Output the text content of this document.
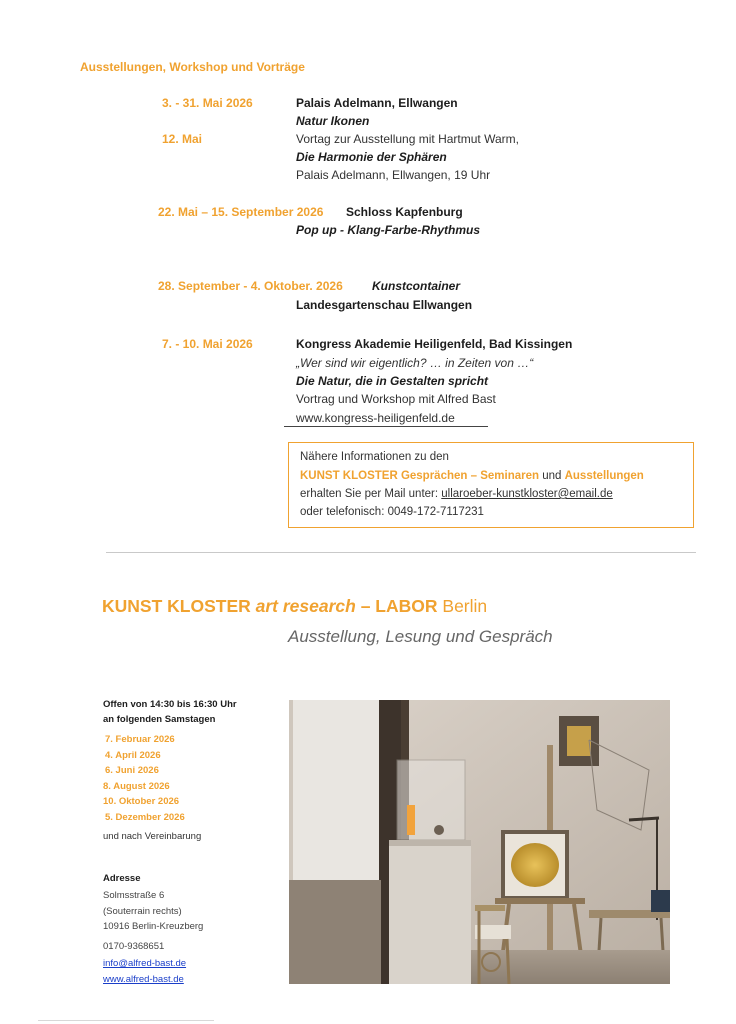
Ausstellungen, Workshop und Vorträge
3. - 31. Mai 2026	Palais Adelmann, Ellwangen
Natur Ikonen
12. Mai	Vortag zur Ausstellung mit Hartmut Warm,
Die Harmonie der Sphären
Palais Adelmann, Ellwangen, 19 Uhr
22. Mai – 15. September 2026 Schloss Kapfenburg
Pop up - Klang-Farbe-Rhythmus
28. September - 4. Oktober. 2026 Kunstcontainer
Landesgartenschau Ellwangen
7. - 10. Mai 2026	Kongress Akademie Heiligenfeld, Bad Kissingen
„Wer sind wir eigentlich? … in Zeiten von …“
Die Natur, die in Gestalten spricht
Vortrag und Workshop mit Alfred Bast
www.kongress-heiligenfeld.de
Nähere Informationen zu den
KUNST KLOSTER Gesprächen – Seminaren und Ausstellungen
erhalten Sie per Mail unter: ullaroeber-kunstkloster@email.de
oder telefonisch: 0049-172-7117231
KUNST KLOSTER art research – LABOR Berlin
Ausstellung, Lesung und Gespräch
Offen von 14:30 bis 16:30 Uhr
an folgenden Samstagen
7. Februar 2026
4. April 2026
6. Juni 2026
8. August 2026
10. Oktober 2026
5. Dezember 2026
und nach Vereinbarung
Adresse
Solmsstraße 6
(Souterrain rechts)
10916 Berlin-Kreuzberg
0170-9368651
info@alfred-bast.de
www.alfred-bast.de
